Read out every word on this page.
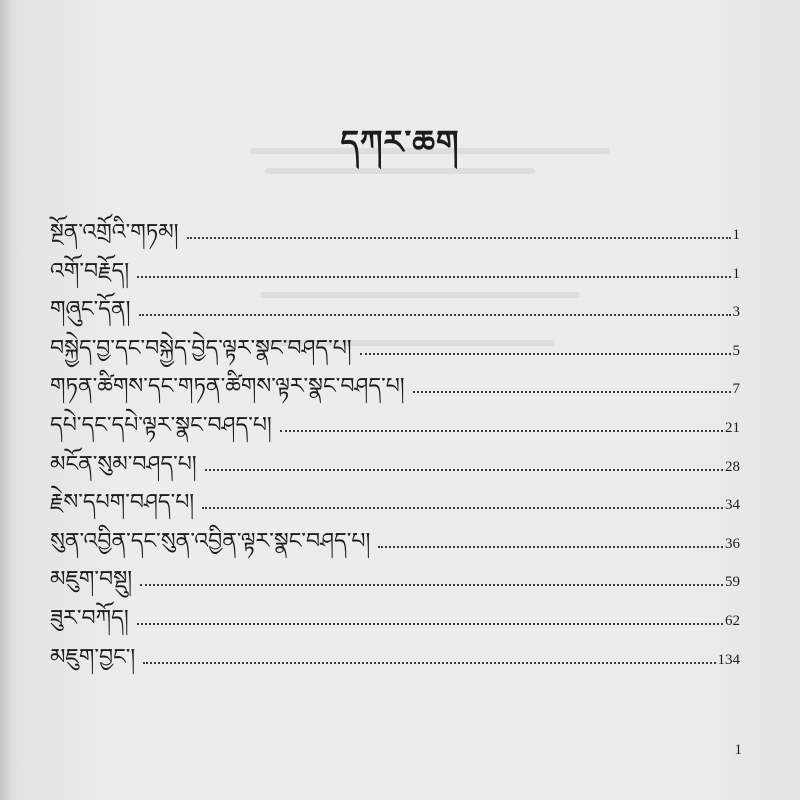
དཀར་ཆག
སྔོན་འགྲོའི་གཏམ།	1
འགོ་བརྗོད།	1
གཞུང་དོན།	3
བསྐྱེད་བྱ་དང་བསྐྱེད་བྱེད་ལྟར་སྣང་བཤད་པ།	5
གཏན་ཚིགས་དང་གཏན་ཚིགས་ལྟར་སྣང་བཤད་པ།	7
དཔེ་དང་དཔེ་ལྟར་སྣང་བཤད་པ།	21
མངོན་སུམ་བཤད་པ།	28
རྗེས་དཔག་བཤད་པ།	34
སུན་འབྱིན་དང་སུན་འབྱིན་ལྟར་སྣང་བཤད་པ།	36
མཇུག་བསྡུ།	59
ཟུར་བཀོད།	62
མཇུག་བྱང་།	134
1
